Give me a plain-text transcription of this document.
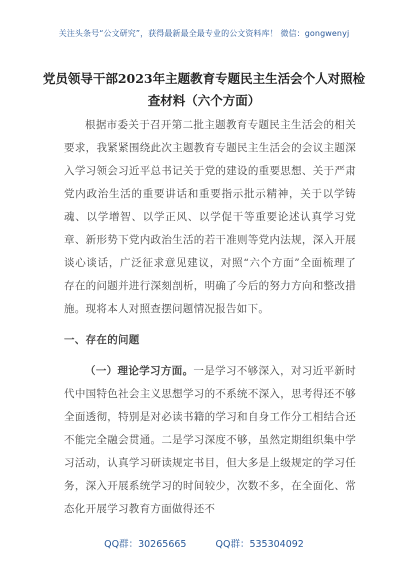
关注头条号“公文研究”，获得最新最全最专业的公文资料库！ 微信：gongwenyj
党员领导干部2023年主题教育专题民主生活会个人对照检查材料（六个方面）

根据市委关于召开第二批主题教育专题民主生活会的相关要求，我紧紧围绕此次主题教育专题民主生活会的会议主题深入学习领会习近平总书记关于党的建设的重要思想、关于严肃党内政治生活的重要讲话和重要指示批示精神，关于以学铸魂、以学增智、以学正风、以学促干等重要论述认真学习党章、新形势下党内政治生活的若干准则等党内法规，深入开展谈心谈话，广泛征求意见建议，对照“六个方面”全面梳理了存在的问题并进行深刻剖析，明确了今后的努力方向和整改措施。现将本人对照查摆问题情况报告如下。

一、存在的问题

（一）理论学习方面。一是学习不够深入，对习近平新时代中国特色社会主义思想学习的不系统不深入，思考得还不够全面透彻，特别是对必读书籍的学习和自身工作分工相结合还不能完全融会贯通。二是学习深度不够，虽然定期组织集中学习活动，认真学习研读规定书目，但大多是上级规定的学习任务，深入开展系统学习的时间较少，次数不多，在全面化、常态化开展学习教育方面做得还不

QQ群：30265665	QQ群：535304092
